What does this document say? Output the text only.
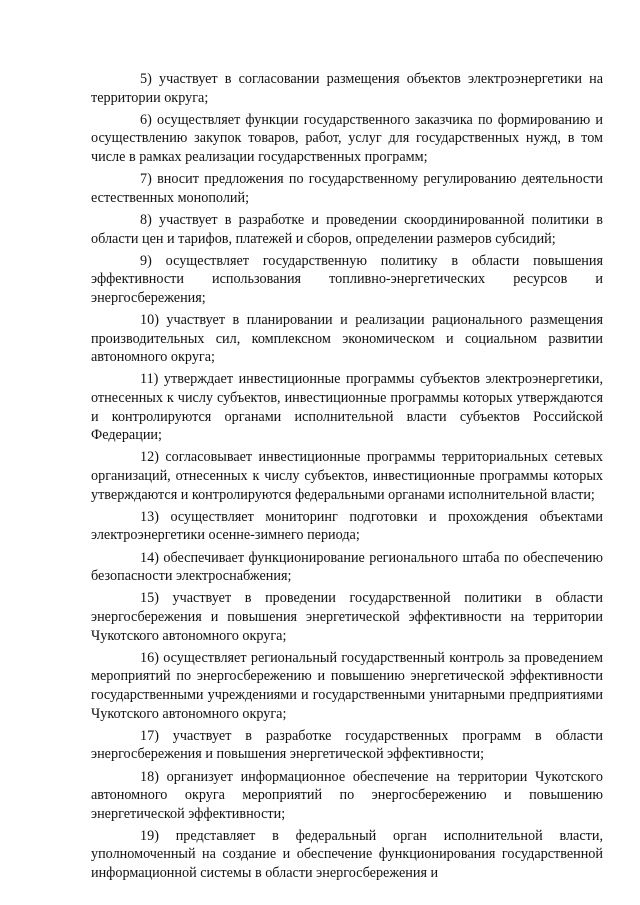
5) участвует в согласовании размещения объектов электроэнергетики на территории округа;

6) осуществляет функции государственного заказчика по формированию и осуществлению закупок товаров, работ, услуг для государственных нужд, в том числе в рамках реализации государственных программ;

7) вносит предложения по государственному регулированию деятельности естественных монополий;

8) участвует в разработке и проведении скоординированной политики в области цен и тарифов, платежей и сборов, определении размеров субсидий;

9) осуществляет государственную политику в области повышения эффективности использования топливно-энергетических ресурсов и энергосбережения;

10) участвует в планировании и реализации рационального размещения производительных сил, комплексном экономическом и социальном развитии автономного округа;

11) утверждает инвестиционные программы субъектов электроэнергетики, отнесенных к числу субъектов, инвестиционные программы которых утверждаются и контролируются органами исполнительной власти субъектов Российской Федерации;

12) согласовывает инвестиционные программы территориальных сетевых организаций, отнесенных к числу субъектов, инвестиционные программы которых утверждаются и контролируются федеральными органами исполнительной власти;

13) осуществляет мониторинг подготовки и прохождения объектами электроэнергетики осенне-зимнего периода;

14) обеспечивает функционирование регионального штаба по обеспечению безопасности электроснабжения;

15) участвует в проведении государственной политики в области энергосбережения и повышения энергетической эффективности на территории Чукотского автономного округа;

16) осуществляет региональный государственный контроль за проведением мероприятий по энергосбережению и повышению энергетической эффективности государственными учреждениями и государственными унитарными предприятиями Чукотского автономного округа;

17) участвует в разработке государственных программ в области энергосбережения и повышения энергетической эффективности;

18) организует информационное обеспечение на территории Чукотского автономного округа мероприятий по энергосбережению и повышению энергетической эффективности;

19) представляет в федеральный орган исполнительной власти, уполномоченный на создание и обеспечение функционирования государственной информационной системы в области энергосбережения и
